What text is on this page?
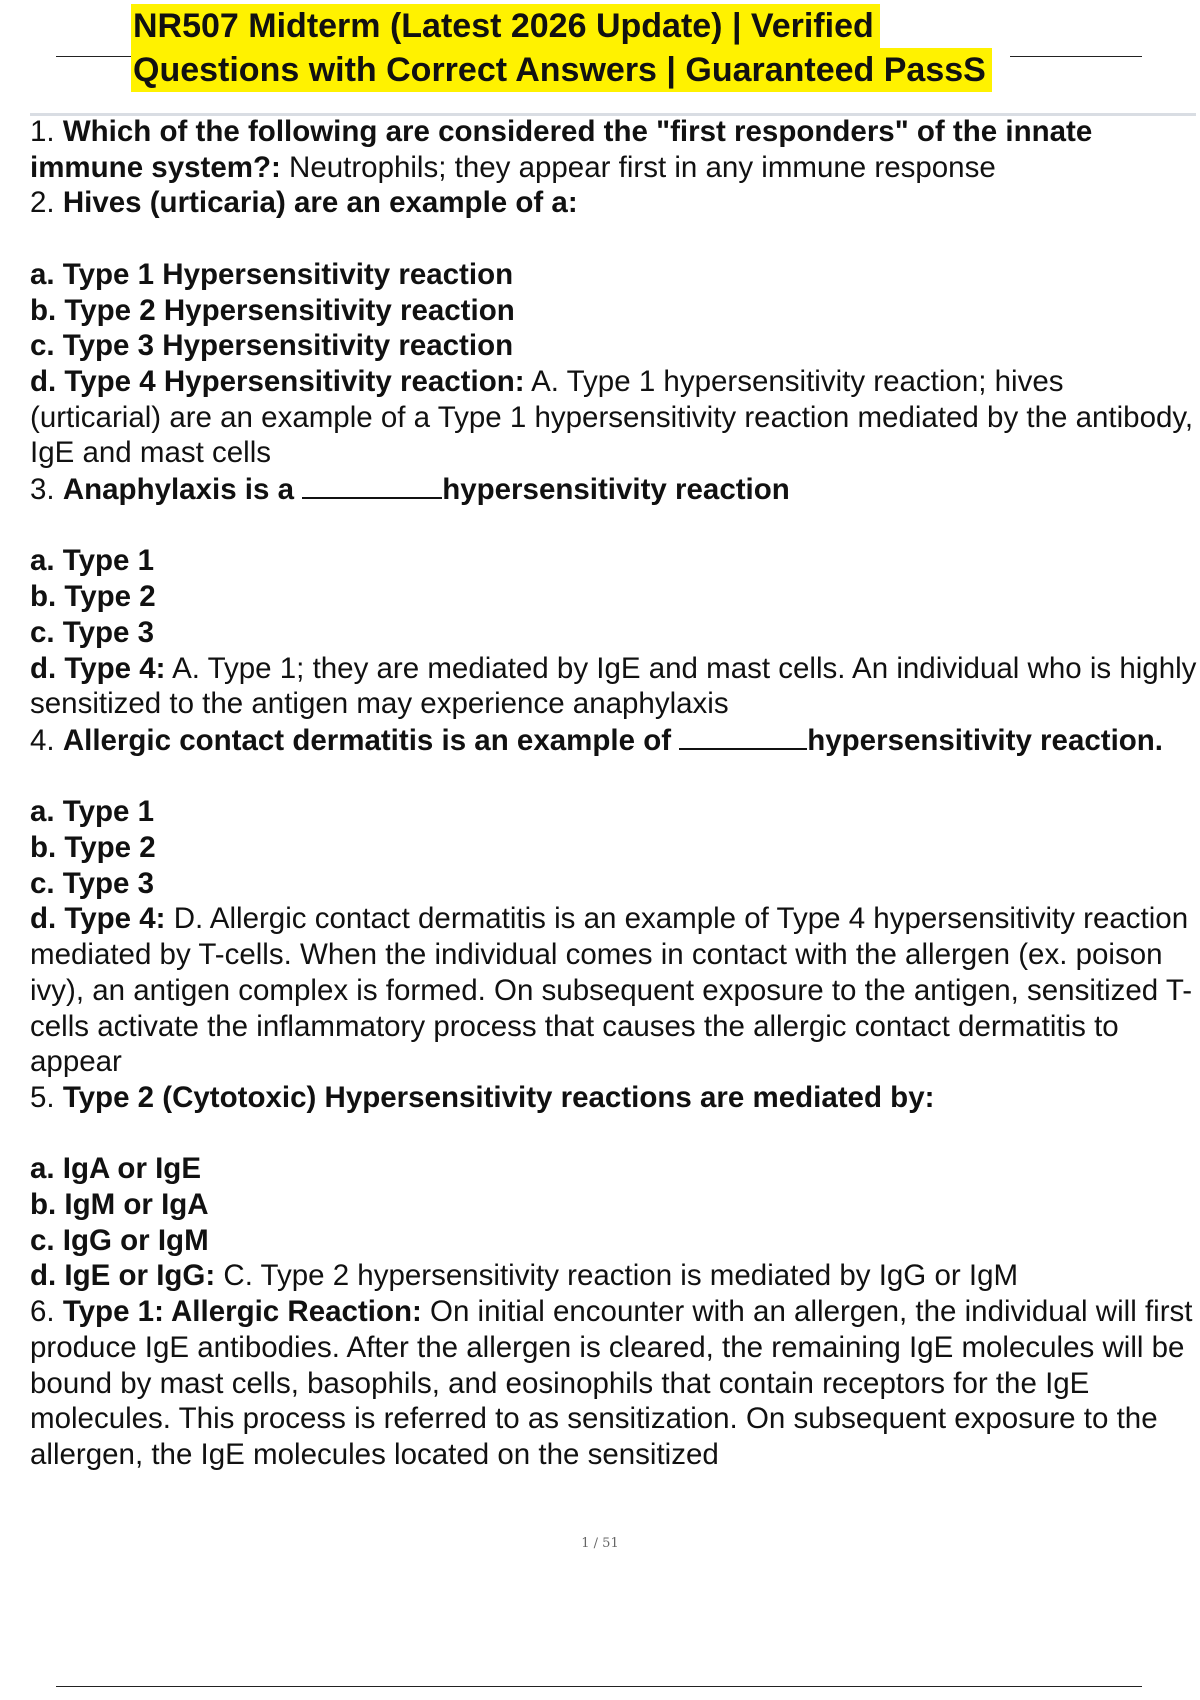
NR507 Midterm (Latest 2026 Update) | Verified
Questions with Correct Answers | Guaranteed PassS

1. Which of the following are considered the "first responders" of the innate immune system?: Neutrophils; they appear first in any immune response

2. Hives (urticaria) are an example of a:

a. Type 1 Hypersensitivity reaction

b. Type 2 Hypersensitivity reaction

c. Type 3 Hypersensitivity reaction

d. Type 4 Hypersensitivity reaction: A. Type 1 hypersensitivity reaction; hives (urticarial) are an example of a Type 1 hypersensitivity reaction mediated by the antibody, IgE and mast cells

3. Anaphylaxis is a	hypersensitivity reaction

a. Type 1

b. Type 2

c. Type 3

d. Type 4: A. Type 1; they are mediated by IgE and mast cells. An individual who is highly sensitized to the antigen may experience anaphylaxis

4. Allergic contact dermatitis is an example of	hypersensitivity reaction.

a. Type 1

b. Type 2

c. Type 3

d. Type 4: D. Allergic contact dermatitis is an example of Type 4 hypersensitivity reaction mediated by T-cells. When the individual comes in contact with the allergen (ex. poison ivy), an antigen complex is formed. On subsequent exposure to the antigen, sensitized T-cells activate the inflammatory process that causes the allergic contact dermatitis to appear

5. Type 2 (Cytotoxic) Hypersensitivity reactions are mediated by:

a. IgA or IgE

b. IgM or IgA

c. IgG or IgM

d. IgE or IgG: C. Type 2 hypersensitivity reaction is mediated by IgG or IgM

6. Type 1: Allergic Reaction: On initial encounter with an allergen, the individual will first produce IgE antibodies. After the allergen is cleared, the remaining IgE molecules will be bound by mast cells, basophils, and eosinophils that contain receptors for the IgE molecules. This process is referred to as sensitization. On subsequent exposure to the allergen, the IgE molecules located on the sensitized

1 / 51
